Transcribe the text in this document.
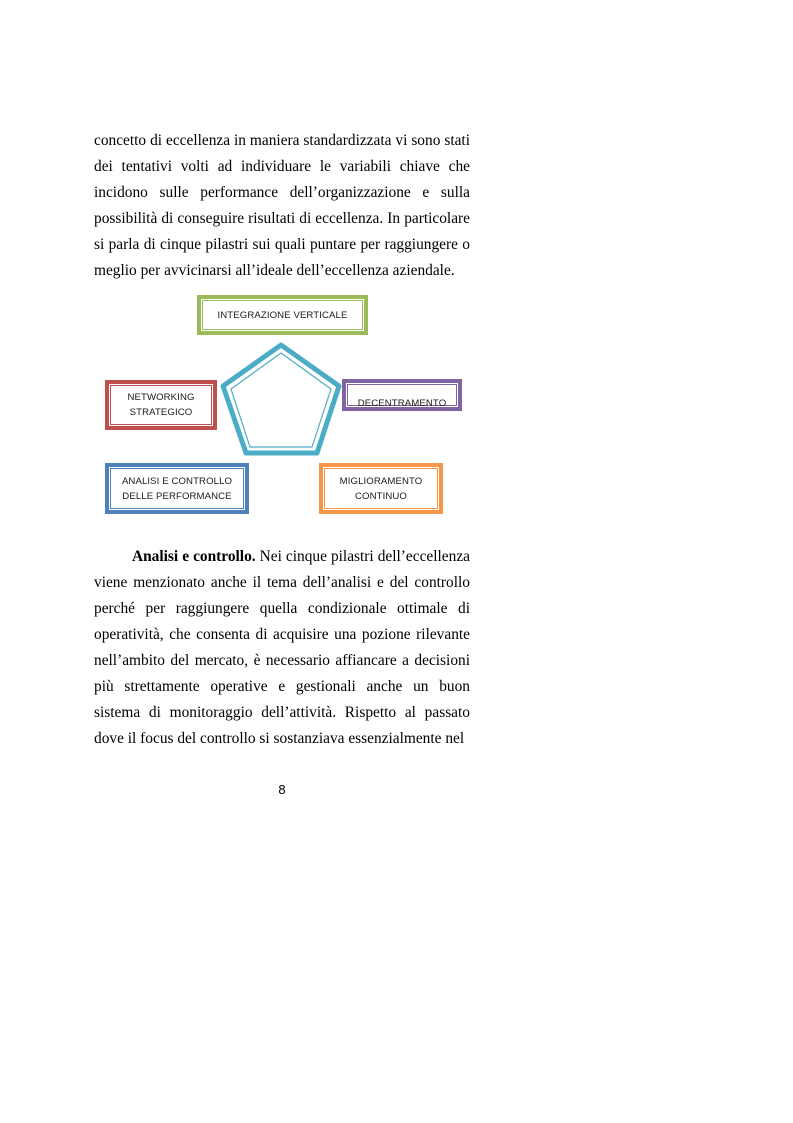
concetto di eccellenza in maniera standardizzata vi sono stati dei tentativi volti ad individuare le variabili chiave che incidono sulle performance dell’organizzazione e sulla possibilità di conseguire risultati di eccellenza. In particolare si parla di cinque pilastri sui quali puntare per raggiungere o meglio per avvicinarsi all’ideale dell’eccellenza aziendale.

INTEGRAZIONE VERTICALE
NETWORKING
STRATEGICO
DECENTRAMENTO
ANALISI E CONTROLLO
DELLE PERFORMANCE
MIGLIORAMENTO
CONTINUO

Analisi e controllo. Nei cinque pilastri dell’eccellenza viene menzionato anche il tema dell’analisi e del controllo perché per raggiungere quella condizionale ottimale di operatività, che consenta di acquisire una pozione rilevante nell’ambito del mercato, è necessario affiancare a decisioni più strettamente operative e gestionali anche un buon sistema di monitoraggio dell’attività. Rispetto al passato dove il focus del controllo si sostanziava essenzialmente nel

8
